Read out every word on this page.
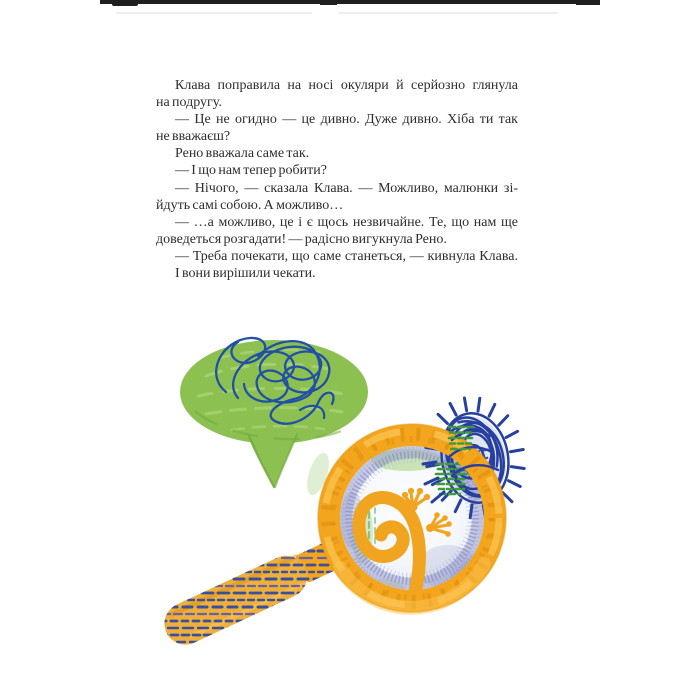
Клава поправила на носі окуляри й серйозно глянула
на подругу.
— Це не огидно — це дивно. Дуже дивно. Хіба ти так
не вважаєш?
Рено вважала саме так.
— І що нам тепер робити?
— Нічого, — сказала Клава. — Можливо, малюнки зі-
йдуть самі собою. А можливо…
— …а можливо, це і є щось незвичайне. Те, що нам ще
доведеться розгадати! — радісно вигукнула Рено.
— Треба почекати, що саме станеться, — кивнула Клава.
І вони вирішили чекати.
